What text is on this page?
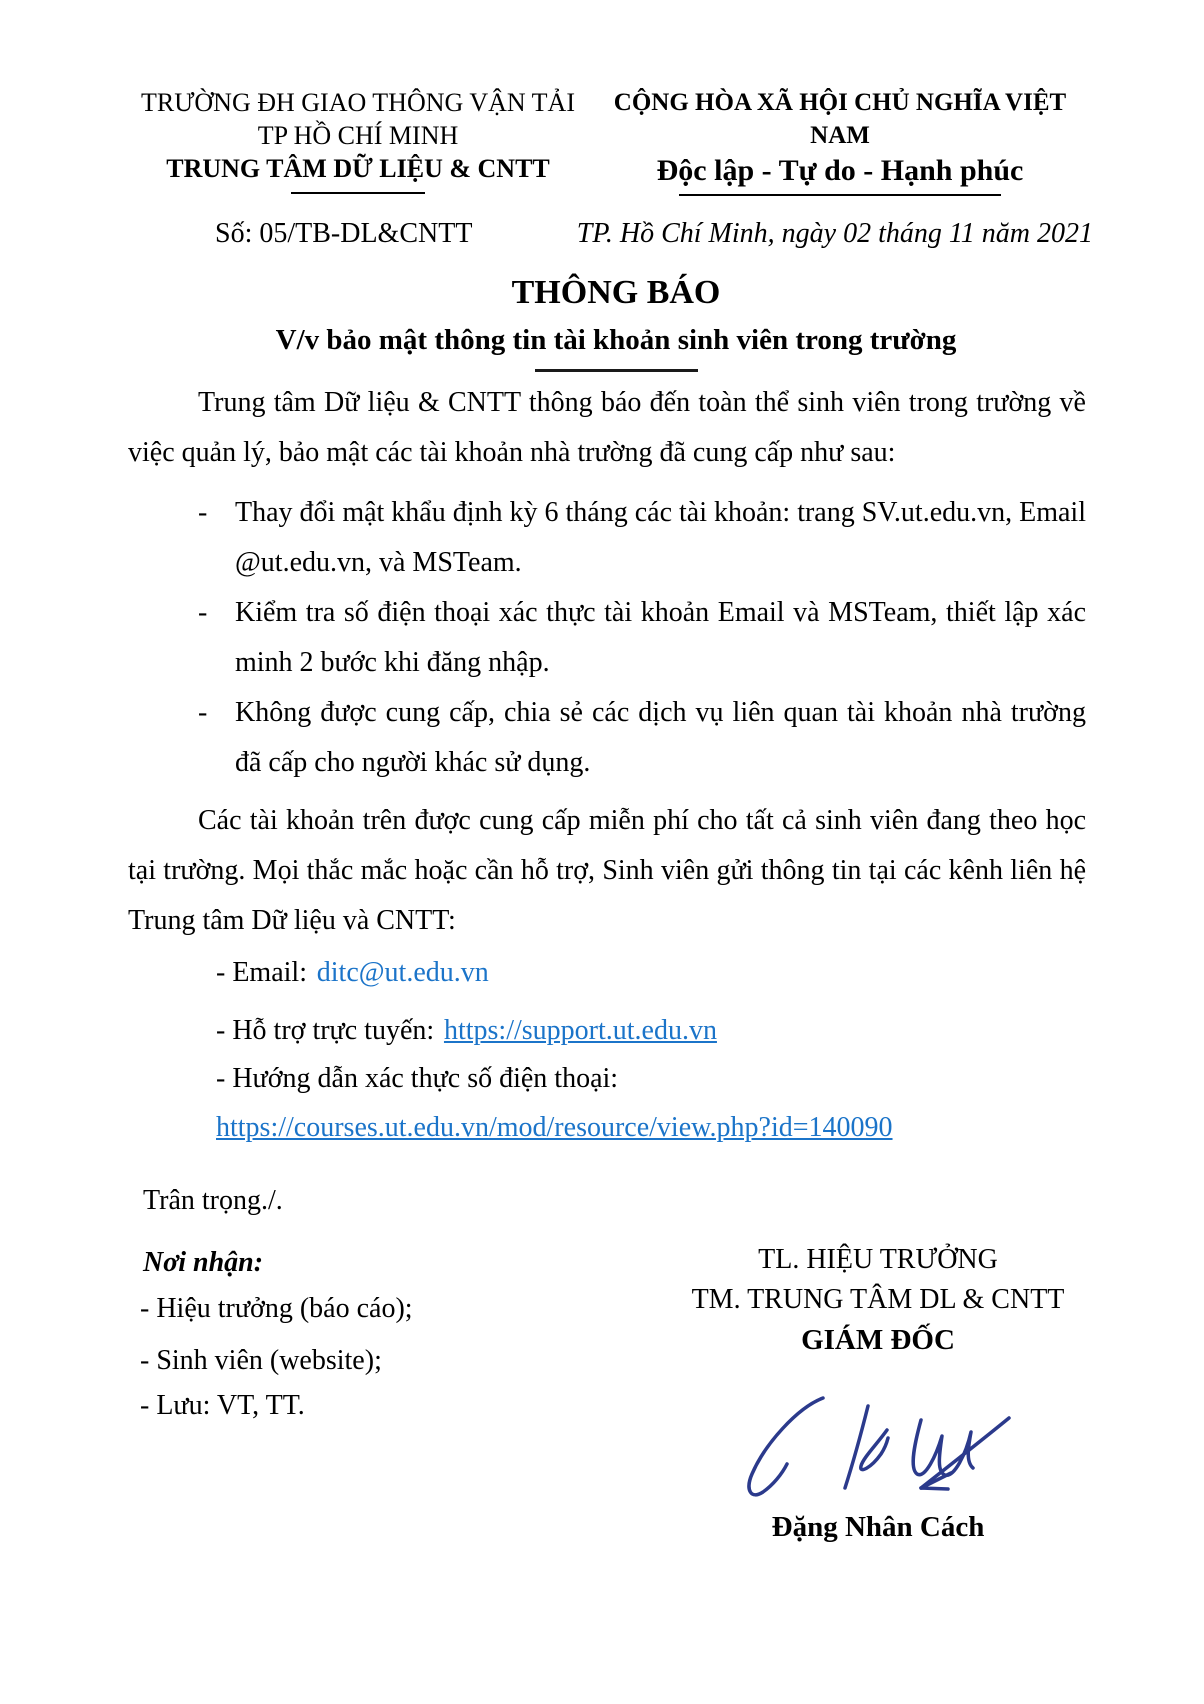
TRƯỜNG ĐH GIAO THÔNG VẬN TẢI
TP HỒ CHÍ MINH
TRUNG TÂM DỮ LIỆU & CNTT
CỘNG HÒA XÃ HỘI CHỦ NGHĨA VIỆT NAM
Độc lập - Tự do - Hạnh phúc
Số: 05/TB-DL&CNTT	TP. Hồ Chí Minh, ngày 02 tháng 11 năm 2021
THÔNG BÁO
V/v bảo mật thông tin tài khoản sinh viên trong trường
Trung tâm Dữ liệu & CNTT thông báo đến toàn thể sinh viên trong trường về việc quản lý, bảo mật các tài khoản nhà trường đã cung cấp như sau:
- Thay đổi mật khẩu định kỳ 6 tháng các tài khoản: trang SV.ut.edu.vn, Email @ut.edu.vn, và MSTeam.
- Kiểm tra số điện thoại xác thực tài khoản Email và MSTeam, thiết lập xác minh 2 bước khi đăng nhập.
- Không được cung cấp, chia sẻ các dịch vụ liên quan tài khoản nhà trường đã cấp cho người khác sử dụng.
Các tài khoản trên được cung cấp miễn phí cho tất cả sinh viên đang theo học tại trường. Mọi thắc mắc hoặc cần hỗ trợ, Sinh viên gửi thông tin tại các kênh liên hệ Trung tâm Dữ liệu và CNTT:
- Email: ditc@ut.edu.vn
- Hỗ trợ trực tuyến: https://support.ut.edu.vn
- Hướng dẫn xác thực số điện thoại:
https://courses.ut.edu.vn/mod/resource/view.php?id=140090
Trân trọng./.
Nơi nhận:
- Hiệu trưởng (báo cáo);
- Sinh viên (website);
- Lưu: VT, TT.
TL. HIỆU TRƯỞNG
TM. TRUNG TÂM DL & CNTT
GIÁM ĐỐC
Đặng Nhân Cách
